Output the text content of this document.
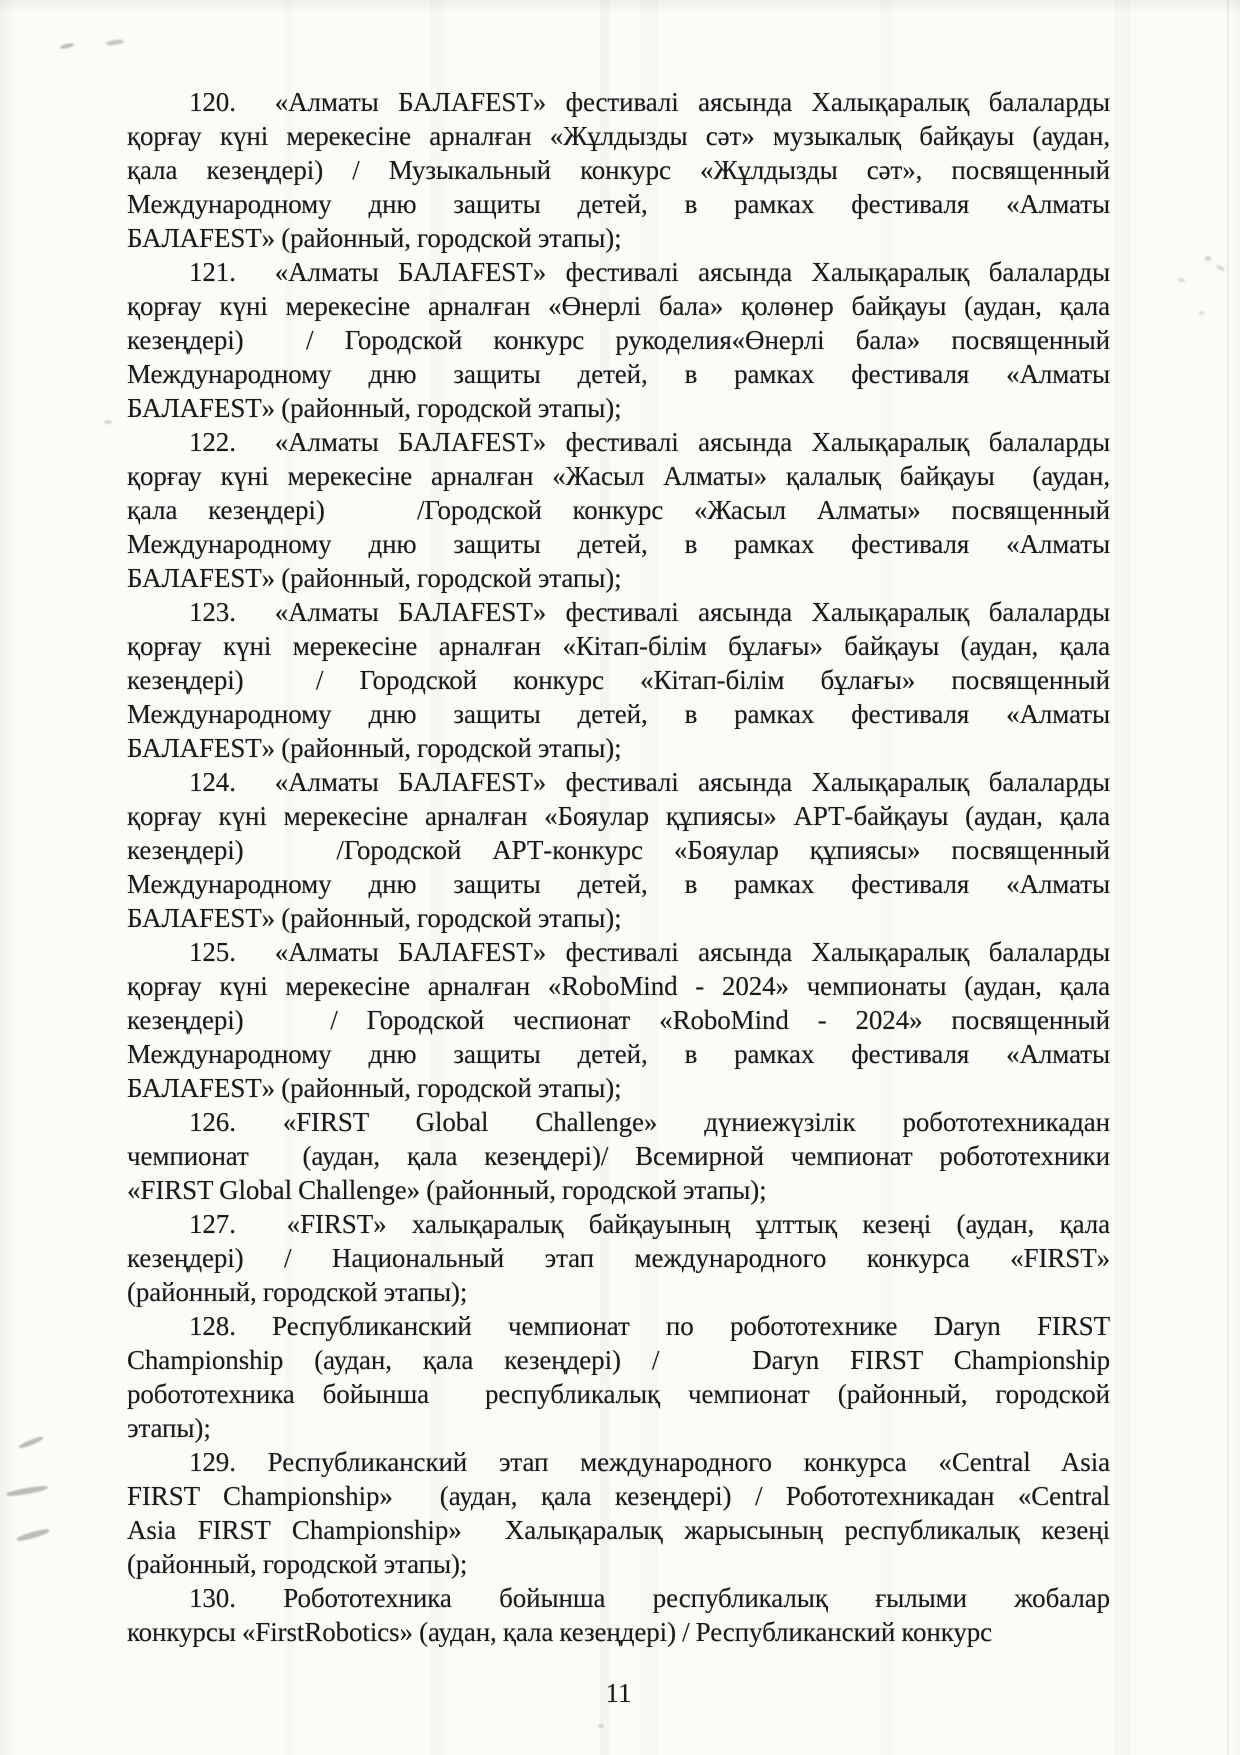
120.  «Алматы БАЛАFEST» фестивалі аясында Халықаралық балаларды
қорғау күні мерекесіне арналған «Жұлдызды сәт» музыкалық байқауы (аудан,
қала кезеңдері) / Музыкальный конкурс «Жұлдызды сәт», посвященный
Международному дню защиты детей, в рамках фестиваля «Алматы
БАЛАFEST» (районный, городской этапы);
121.  «Алматы БАЛАFEST» фестивалі аясында Халықаралық балаларды
қорғау күні мерекесіне арналған «Өнерлі бала» қолөнер байқауы (аудан, қала
кезеңдері)  / Городской конкурс рукоделия«Өнерлі бала» посвященный
Международному дню защиты детей, в рамках фестиваля «Алматы
БАЛАFEST» (районный, городской этапы);
122.  «Алматы БАЛАFEST» фестивалі аясында Халықаралық балаларды
қорғау күні мерекесіне арналған «Жасыл Алматы» қалалық байқауы  (аудан,
қала кезеңдері)   /Городской конкурс «Жасыл Алматы» посвященный
Международному дню защиты детей, в рамках фестиваля «Алматы
БАЛАFEST» (районный, городской этапы);
123.  «Алматы БАЛАFEST» фестивалі аясында Халықаралық балаларды
қорғау күні мерекесіне арналған «Кітап-білім бұлағы» байқауы (аудан, қала
кезеңдері)  / Городской конкурс «Кітап-білім бұлағы» посвященный
Международному дню защиты детей, в рамках фестиваля «Алматы
БАЛАFEST» (районный, городской этапы);
124.  «Алматы БАЛАFEST» фестивалі аясында Халықаралық балаларды
қорғау күні мерекесіне арналған «Бояулар құпиясы» АРТ-байқауы (аудан, қала
кезеңдері)   /Городской АРТ-конкурс «Бояулар құпиясы» посвященный
Международному дню защиты детей, в рамках фестиваля «Алматы
БАЛАFEST» (районный, городской этапы);
125.  «Алматы БАЛАFEST» фестивалі аясында Халықаралық балаларды
қорғау күні мерекесіне арналған «RoboMind - 2024» чемпионаты (аудан, қала
кезеңдері)   / Городской чеспионат «RoboMind - 2024» посвященный
Международному дню защиты детей, в рамках фестиваля «Алматы
БАЛАFEST» (районный, городской этапы);
126. «FIRST Global Challenge» дүниежүзілік робототехникадан
чемпионат  (аудан, қала кезеңдері)/ Всемирной чемпионат робототехники
«FIRST Global Challenge» (районный, городской этапы);
127.  «FIRST» халықаралық байқауының ұлттық кезеңі (аудан, қала
кезеңдері) / Национальный этап международного конкурса «FIRST»
(районный, городской этапы);
128. Республиканский чемпионат по робототехнике Daryn FIRST
Championship (аудан, қала кезеңдері) /   Daryn FIRST Championship
робототехника бойынша  республикалық чемпионат (районный, городской
этапы);
129. Республиканский этап международного конкурса «Central Asia
FIRST Championship»  (аудан, қала кезеңдері) / Робототехникадан «Central
Asia FIRST Championship»  Халықаралық жарысының республикалық кезеңі
(районный, городской этапы);
130. Робототехника бойынша республикалық ғылыми жобалар
конкурсы «FirstRobotics» (аудан, қала кезеңдері) / Республиканский конкурс
11
